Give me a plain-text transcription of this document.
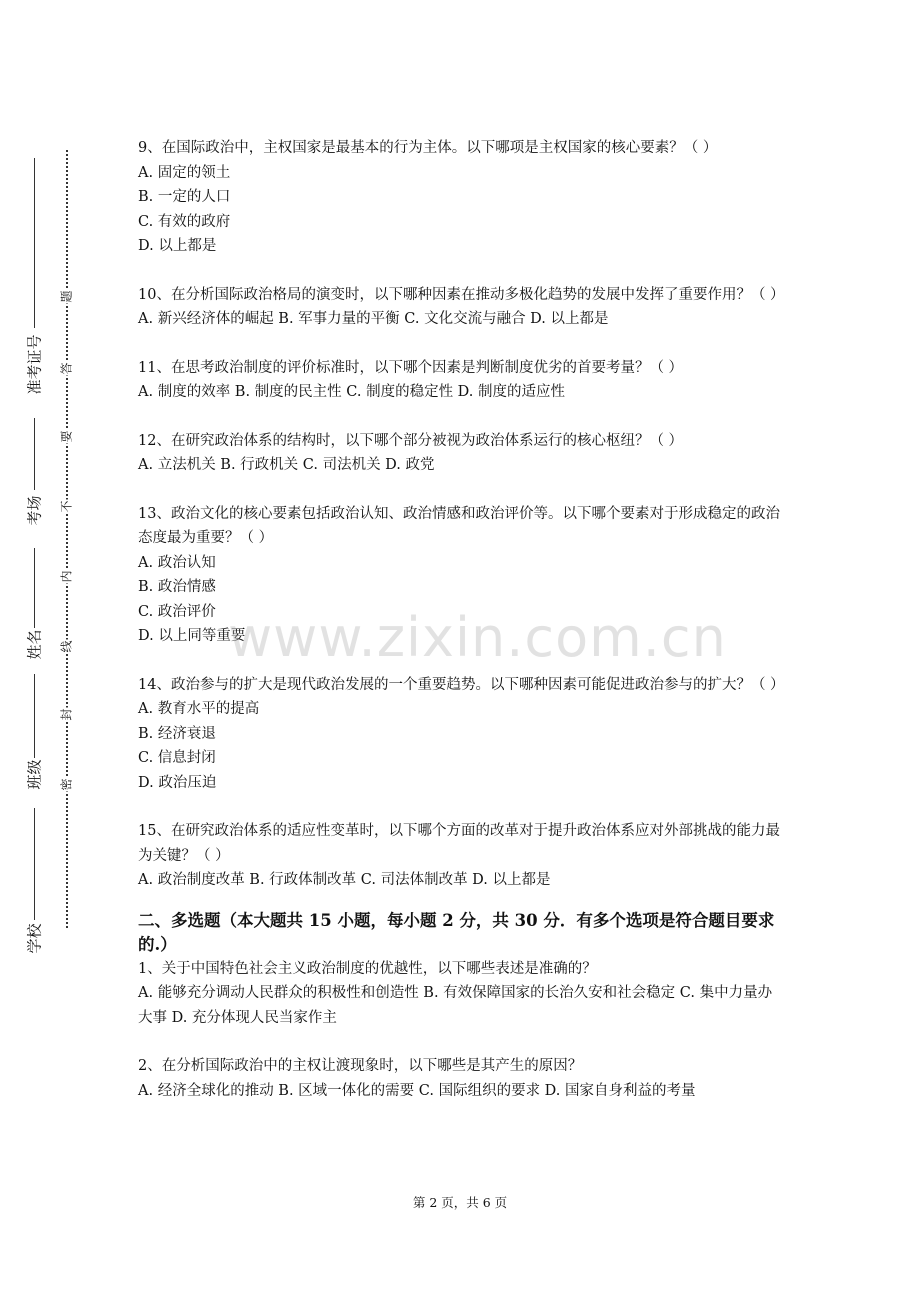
准考证号
考场
姓名
班级
学校
题
答
要
不
内
线
封
密
9、在国际政治中，主权国家是最基本的行为主体。以下哪项是主权国家的核心要素？（ ）
A. 固定的领土
B. 一定的人口
C. 有效的政府
D. 以上都是
10、在分析国际政治格局的演变时，以下哪种因素在推动多极化趋势的发展中发挥了重要作用？（ ）
A. 新兴经济体的崛起 B. 军事力量的平衡 C. 文化交流与融合 D. 以上都是
11、在思考政治制度的评价标准时，以下哪个因素是判断制度优劣的首要考量？（ ）
A. 制度的效率 B. 制度的民主性 C. 制度的稳定性 D. 制度的适应性
12、在研究政治体系的结构时，以下哪个部分被视为政治体系运行的核心枢纽？（ ）
A. 立法机关 B. 行政机关 C. 司法机关 D. 政党
13、政治文化的核心要素包括政治认知、政治情感和政治评价等。以下哪个要素对于形成稳定的政治态度最为重要？（ ）
A. 政治认知
B. 政治情感
C. 政治评价
D. 以上同等重要
14、政治参与的扩大是现代政治发展的一个重要趋势。以下哪种因素可能促进政治参与的扩大？（ ）
A. 教育水平的提高
B. 经济衰退
C. 信息封闭
D. 政治压迫
15、在研究政治体系的适应性变革时，以下哪个方面的改革对于提升政治体系应对外部挑战的能力最为关键？（ ）
A. 政治制度改革 B. 行政体制改革 C. 司法体制改革 D. 以上都是
二、多选题（本大题共 15 小题，每小题 2 分，共 30 分．有多个选项是符合题目要求的.）
1、关于中国特色社会主义政治制度的优越性，以下哪些表述是准确的？
A. 能够充分调动人民群众的积极性和创造性 B. 有效保障国家的长治久安和社会稳定 C. 集中力量办大事 D. 充分体现人民当家作主
2、在分析国际政治中的主权让渡现象时，以下哪些是其产生的原因？
A. 经济全球化的推动 B. 区域一体化的需要 C. 国际组织的要求 D. 国家自身利益的考量
www.zixin.com.cn
第 2 页，共 6 页
